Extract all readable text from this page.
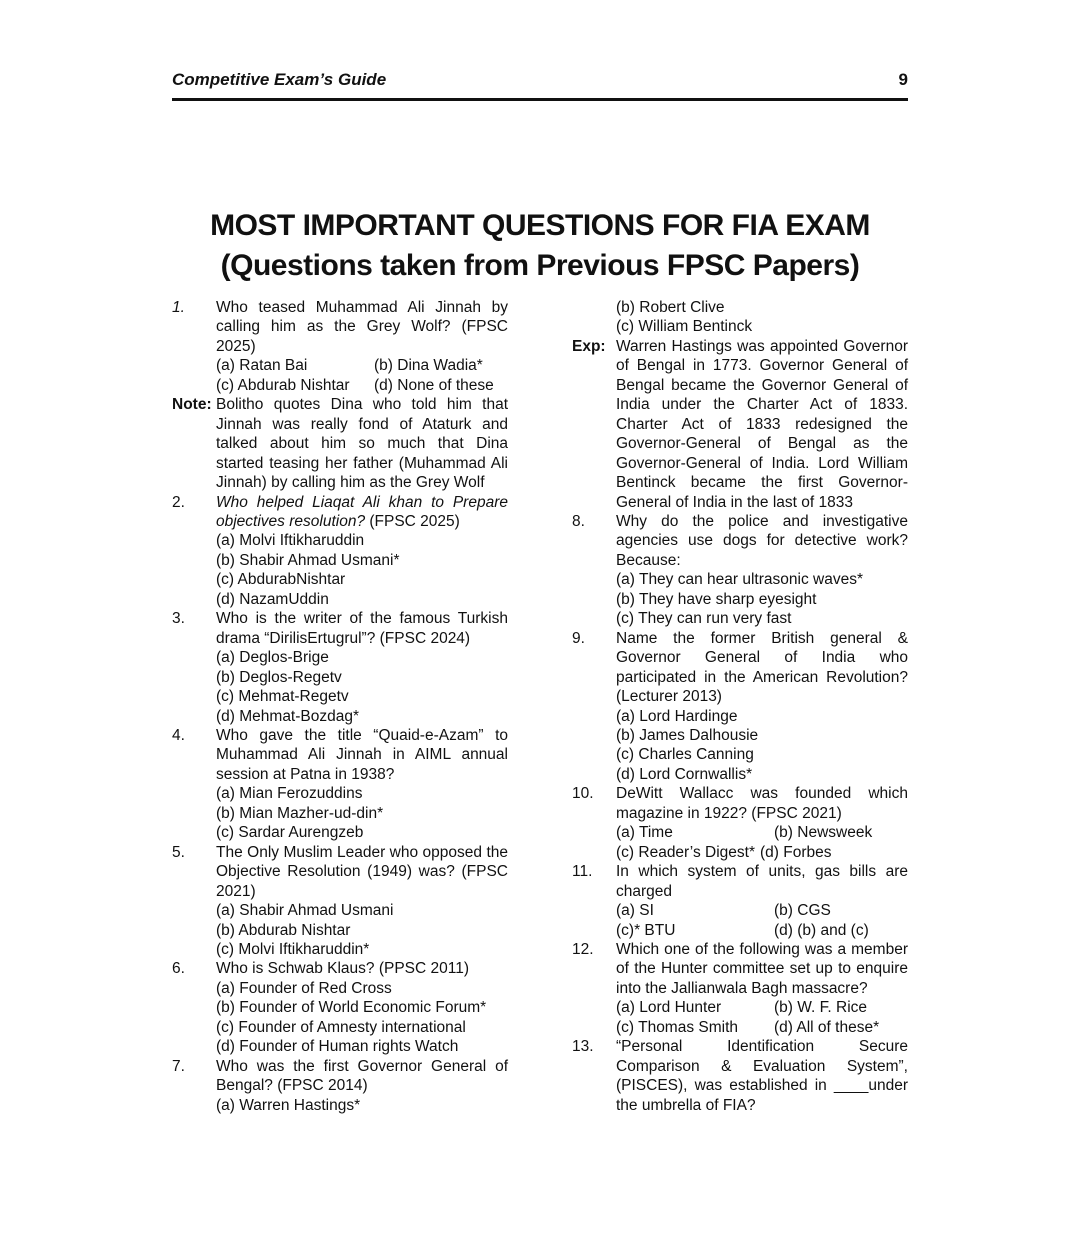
Competitive Exam’s Guide	9
MOST IMPORTANT QUESTIONS FOR FIA EXAM
(Questions taken from Previous FPSC Papers)
1. Who teased Muhammad Ali Jinnah by calling him as the Grey Wolf? (FPSC 2025)
(a) Ratan Bai	(b) Dina Wadia*
(c) Abdurab Nishtar	(d) None of these
Note: Bolitho quotes Dina who told him that Jinnah was really fond of Ataturk and talked about him so much that Dina started teasing her father (Muhammad Ali Jinnah) by calling him as the Grey Wolf
2. Who helped Liaqat Ali khan to Prepare objectives resolution? (FPSC 2025)
(a) Molvi Iftikharuddin
(b) Shabir Ahmad Usmani*
(c) AbdurabNishtar
(d) NazamUddin
3. Who is the writer of the famous Turkish drama “DirilisErtugrul”? (FPSC 2024)
(a) Deglos-Brige
(b) Deglos-Regetv
(c) Mehmat-Regetv
(d) Mehmat-Bozdag*
4. Who gave the title “Quaid-e-Azam” to Muhammad Ali Jinnah in AIML annual session at Patna in 1938?
(a) Mian Ferozuddins
(b) Mian Mazher-ud-din*
(c) Sardar Aurengzeb
5. The Only Muslim Leader who opposed the Objective Resolution (1949) was? (FPSC 2021)
(a) Shabir Ahmad Usmani
(b) Abdurab Nishtar
(c) Molvi Iftikharuddin*
6. Who is Schwab Klaus? (PPSC 2011)
(a) Founder of Red Cross
(b) Founder of World Economic Forum*
(c) Founder of Amnesty international
(d) Founder of Human rights Watch
7. Who was the first Governor General of Bengal? (FPSC 2014)
(a) Warren Hastings*
(b) Robert Clive
(c) William Bentinck
Exp: Warren Hastings was appointed Governor of Bengal in 1773. Governor General of Bengal became the Governor General of India under the Charter Act of 1833. Charter Act of 1833 redesigned the Governor-General of Bengal as the Governor-General of India. Lord William Bentinck became the first Governor-General of India in the last of 1833
8. Why do the police and investigative agencies use dogs for detective work? Because:
(a) They can hear ultrasonic waves*
(b) They have sharp eyesight
(c) They can run very fast
9. Name the former British general & Governor General of India who participated in the American Revolution? (Lecturer 2013)
(a) Lord Hardinge
(b) James Dalhousie
(c) Charles Canning
(d) Lord Cornwallis*
10. DeWitt Wallacc was founded which magazine in 1922? (FPSC 2021)
(a) Time	(b) Newsweek
(c) Reader’s Digest* (d) Forbes
11. In which system of units, gas bills are charged
(a) SI	(b) CGS
(c)* BTU	(d) (b) and (c)
12. Which one of the following was a member of the Hunter committee set up to enquire into the Jallianwala Bagh massacre?
(a) Lord Hunter	(b) W. F. Rice
(c) Thomas Smith	(d) All of these*
13. “Personal Identification Secure Comparison & Evaluation System”, (PISCES), was established in ____under the umbrella of FIA?
